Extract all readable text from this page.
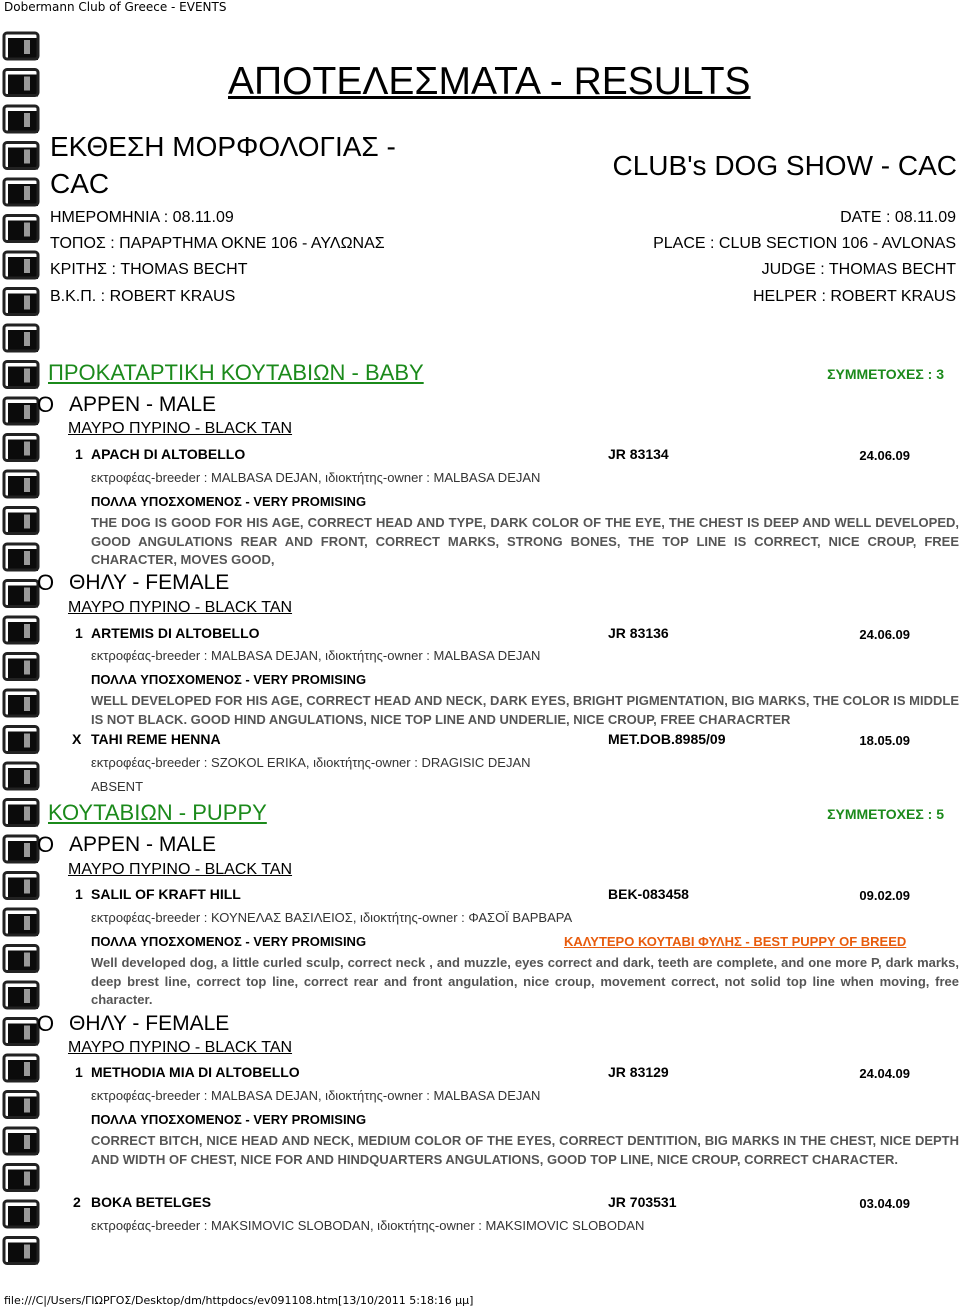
Dobermann Club of Greece - EVENTS
ΑΠΟΤΕΛΕΣΜΑΤΑ - RESULTS
ΕΚΘΕΣΗ ΜΟΡΦΟΛΟΓΙΑΣ -
CAC
CLUB's DOG SHOW - CAC
ΗΜΕΡΟΜΗΝΙΑ : 08.11.09
ΤΟΠΟΣ : ΠΑΡΑΡΤΗΜΑ ΟΚΝΕ 106 - ΑΥΛΩΝΑΣ
ΚΡΙΤΗΣ : THOMAS BECHT
Β.Κ.Π. : ROBERT KRAUS
DATE : 08.11.09
PLACE : CLUB SECTION 106 - AVLONAS
JUDGE : THOMAS BECHT
HELPER : ROBERT KRAUS
ΠΡΟΚΑΤΑΡΤΙΚΗ ΚΟΥΤΑΒΙΩΝ - BABY	ΣΥΜΜΕΤΟΧΕΣ : 3
O ΑΡΡΕΝ - MALE
ΜΑΥΡΟ ΠΥΡΙΝΟ - BLACK TAN
1 APACH DI ALTOBELLO	JR 83134	24.06.09
εκτροφέας-breeder : MALBASA DEJAN, ιδιοκτήτης-owner : MALBASA DEJAN
ΠΟΛΛΑ ΥΠΟΣΧΟΜΕΝΟΣ - VERY PROMISING
THE DOG IS GOOD FOR HIS AGE, CORRECT HEAD AND TYPE, DARK COLOR OF THE EYE, THE CHEST IS DEEP AND WELL DEVELOPED, GOOD ANGULATIONS REAR AND FRONT, CORRECT MARKS, STRONG BONES, THE TOP LINE IS CORRECT, NICE CROUP, FREE CHARACTER, MOVES GOOD,
O ΘΗΛΥ - FEMALE
ΜΑΥΡΟ ΠΥΡΙΝΟ - BLACK TAN
1 ARTEMIS DI ALTOBELLO	JR 83136	24.06.09
εκτροφέας-breeder : MALBASA DEJAN, ιδιοκτήτης-owner : MALBASA DEJAN
ΠΟΛΛΑ ΥΠΟΣΧΟΜΕΝΟΣ - VERY PROMISING
WELL DEVELOPED FOR HIS AGE, CORRECT HEAD AND NECK, DARK EYES, BRIGHT PIGMENTATION, BIG MARKS, THE COLOR IS MIDDLE IS NOT BLACK. GOOD HIND ANGULATIONS, NICE TOP LINE AND UNDERLIE, NICE CROUP, FREE CHARACRTER
X TAHI REME HENNA	MET.DOB.8985/09	18.05.09
εκτροφέας-breeder : SZOKOL ERIKA, ιδιοκτήτης-owner : DRAGISIC DEJAN
ABSENT
ΚΟΥΤΑΒΙΩΝ - PUPPY	ΣΥΜΜΕΤΟΧΕΣ : 5
O ΑΡΡΕΝ - MALE
ΜΑΥΡΟ ΠΥΡΙΝΟ - BLACK TAN
1 SALIL OF KRAFT HILL	ΒΕΚ-083458	09.02.09
εκτροφέας-breeder : ΚΟΥΝΕΛΑΣ ΒΑΣΙΛΕΙΟΣ, ιδιοκτήτης-owner : ΦΑΣΟΪ ΒΑΡΒΑΡΑ
ΠΟΛΛΑ ΥΠΟΣΧΟΜΕΝΟΣ - VERY PROMISING	ΚΑΛΥΤΕΡΟ ΚΟΥΤΑΒΙ ΦΥΛΗΣ - BEST PUPPY OF BREED
Well developed dog, a little curled sculp, correct neck , and muzzle, eyes correct and dark, teeth are complete, and one more P, dark marks, deep brest line, correct top line, correct rear and front angulation, nice croup, movement correct, not solid top line when moving, free character.
O ΘΗΛΥ - FEMALE
ΜΑΥΡΟ ΠΥΡΙΝΟ - BLACK TAN
1 METHODIA MIA DI ALTOBELLO	JR 83129	24.04.09
εκτροφέας-breeder : MALBASA DEJAN, ιδιοκτήτης-owner : MALBASA DEJAN
ΠΟΛΛΑ ΥΠΟΣΧΟΜΕΝΟΣ - VERY PROMISING
CORRECT BITCH, NICE HEAD AND NECK, MEDIUM COLOR OF THE EYES, CORRECT DENTITION, BIG MARKS IN THE CHEST, NICE DEPTH AND WIDTH OF CHEST, NICE FOR AND HINDQUARTERS ANGULATIONS, GOOD TOP LINE, NICE CROUP, CORRECT CHARACTER.
2 BOKA BETELGES	JR 703531	03.04.09
εκτροφέας-breeder : MAKSIMOVIC SLOBODAN, ιδιοκτήτης-owner : MAKSIMOVIC SLOBODAN
file:///C|/Users/ΓΙΩΡΓΟΣ/Desktop/dm/httpdocs/ev091108.htm[13/10/2011 5:18:16 μμ]
